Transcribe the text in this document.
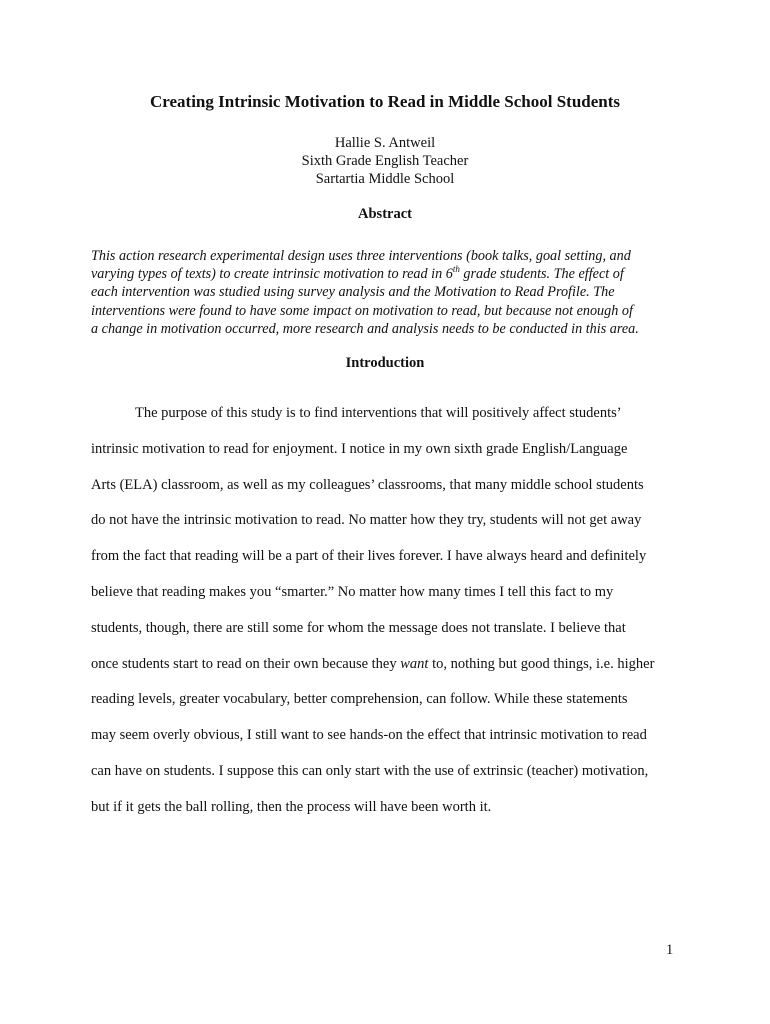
Creating Intrinsic Motivation to Read in Middle School Students
Hallie S. Antweil
Sixth Grade English Teacher
Sartartia Middle School
Abstract
This action research experimental design uses three interventions (book talks, goal setting, and
varying types of texts) to create intrinsic motivation to read in 6th grade students. The effect of
each intervention was studied using survey analysis and the Motivation to Read Profile. The
interventions were found to have some impact on motivation to read, but because not enough of
a change in motivation occurred, more research and analysis needs to be conducted in this area.
Introduction
The purpose of this study is to find interventions that will positively affect students’
intrinsic motivation to read for enjoyment. I notice in my own sixth grade English/Language
Arts (ELA) classroom, as well as my colleagues’ classrooms, that many middle school students
do not have the intrinsic motivation to read. No matter how they try, students will not get away
from the fact that reading will be a part of their lives forever. I have always heard and definitely
believe that reading makes you “smarter.” No matter how many times I tell this fact to my
students, though, there are still some for whom the message does not translate. I believe that
once students start to read on their own because they want to, nothing but good things, i.e. higher
reading levels, greater vocabulary, better comprehension, can follow. While these statements
may seem overly obvious, I still want to see hands-on the effect that intrinsic motivation to read
can have on students. I suppose this can only start with the use of extrinsic (teacher) motivation,
but if it gets the ball rolling, then the process will have been worth it.
1
